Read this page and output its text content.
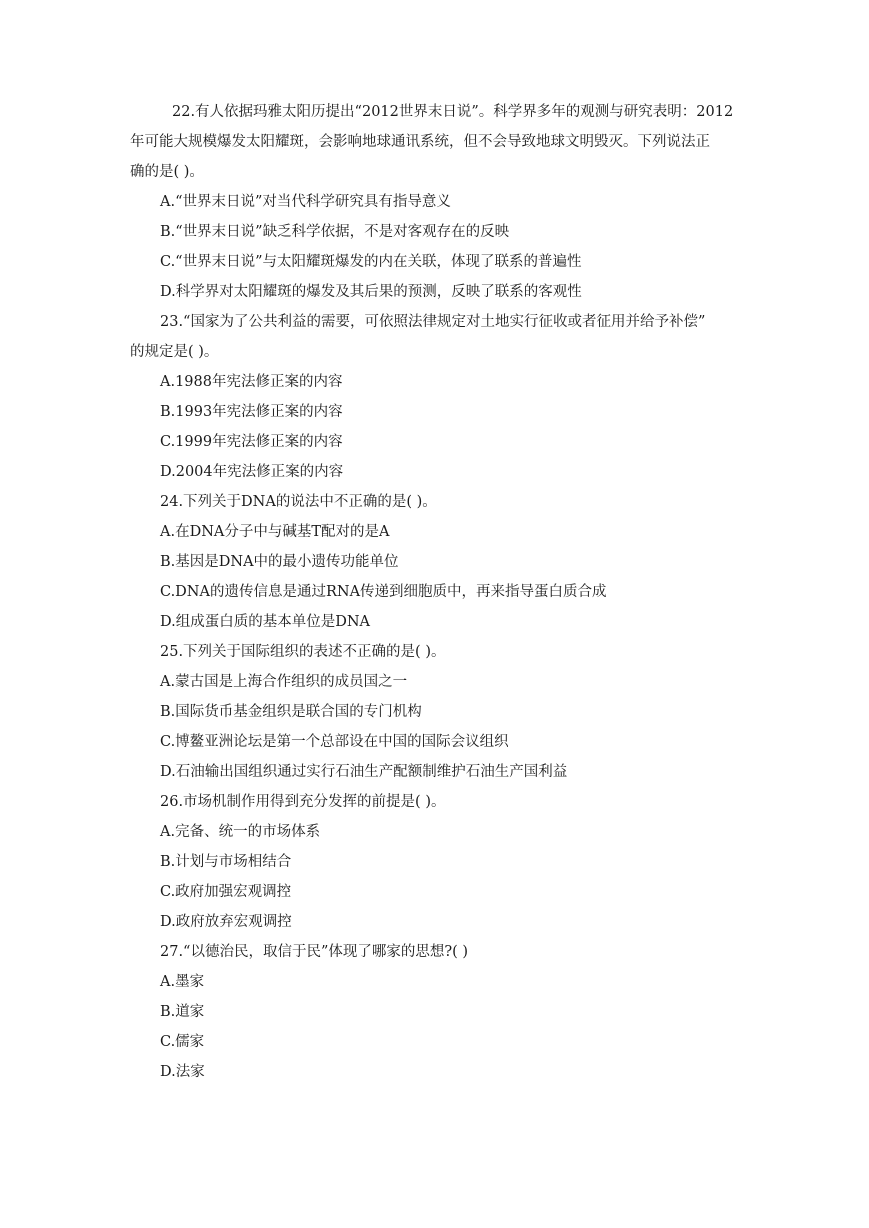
22.有人依据玛雅太阳历提出“2012世界末日说”。科学界多年的观测与研究表明：2012
年可能大规模爆发太阳耀斑，会影响地球通讯系统，但不会导致地球文明毁灭。下列说法正
确的是( )。
A.“世界末日说”对当代科学研究具有指导意义
B.“世界末日说”缺乏科学依据，不是对客观存在的反映
C.“世界末日说”与太阳耀斑爆发的内在关联，体现了联系的普遍性
D.科学界对太阳耀斑的爆发及其后果的预测，反映了联系的客观性
23.“国家为了公共利益的需要，可依照法律规定对土地实行征收或者征用并给予补偿”
的规定是( )。
A.1988年宪法修正案的内容
B.1993年宪法修正案的内容
C.1999年宪法修正案的内容
D.2004年宪法修正案的内容
24.下列关于DNA的说法中不正确的是( )。
A.在DNA分子中与碱基T配对的是A
B.基因是DNA中的最小遗传功能单位
C.DNA的遗传信息是通过RNA传递到细胞质中，再来指导蛋白质合成
D.组成蛋白质的基本单位是DNA
25.下列关于国际组织的表述不正确的是( )。
A.蒙古国是上海合作组织的成员国之一
B.国际货币基金组织是联合国的专门机构
C.博鳌亚洲论坛是第一个总部设在中国的国际会议组织
D.石油输出国组织通过实行石油生产配额制维护石油生产国利益
26.市场机制作用得到充分发挥的前提是( )。
A.完备、统一的市场体系
B.计划与市场相结合
C.政府加强宏观调控
D.政府放弃宏观调控
27.“以德治民，取信于民”体现了哪家的思想?( )
A.墨家
B.道家
C.儒家
D.法家
